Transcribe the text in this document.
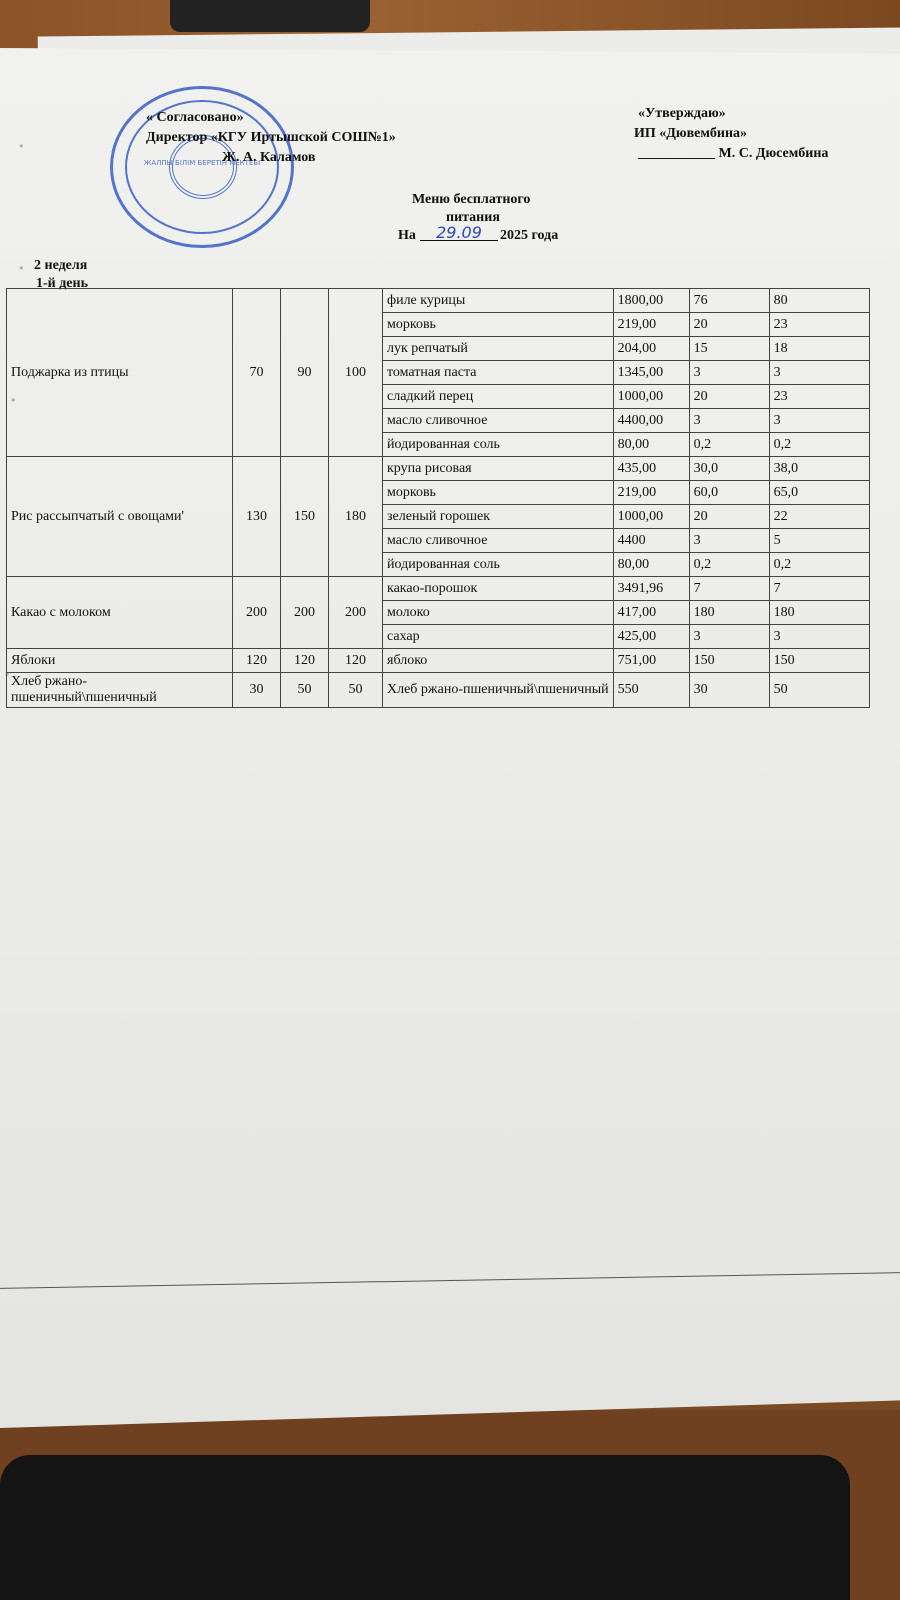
ЖАЛПЫ БІЛІМ БЕРЕТІН МЕКТЕБІ
« Согласовано»
Директор «КГУ Иртышской СОШ№1»
Ж. А. Каламов
«Утверждаю»
ИП «Дювембина»
___________ М. С. Дюсембина
Меню бесплатного
питания
На	29.09	2025 года
2 неделя
1-й день
•
•
•
•
Поджарка из птицы	70	90	100	филе курицы	1800,00	76	80
				морковь	219,00	20	23
				лук репчатый	204,00	15	18
				томатная паста	1345,00	3	3
				сладкий перец	1000,00	20	23
				масло сливочное	4400,00	3	3
				йодированная соль	80,00	0,2	0,2
Рис рассыпчатый с овощами'	130	150	180	крупа рисовая	435,00	30,0	38,0
				морковь	219,00	60,0	65,0
				зеленый горошек	1000,00	20	22
				масло сливочное	4400	3	5
				йодированная соль	80,00	0,2	0,2
Какао с молоком	200	200	200	какао-порошок	3491,96	7	7
				молоко	417,00	180	180
				сахар	425,00	3	3
Яблоки	120	120	120	яблоко	751,00	150	150
Хлеб ржано-пшеничный\пшеничный	30	50	50	Хлеб ржано-пшеничный\пшеничный	550	30	50
